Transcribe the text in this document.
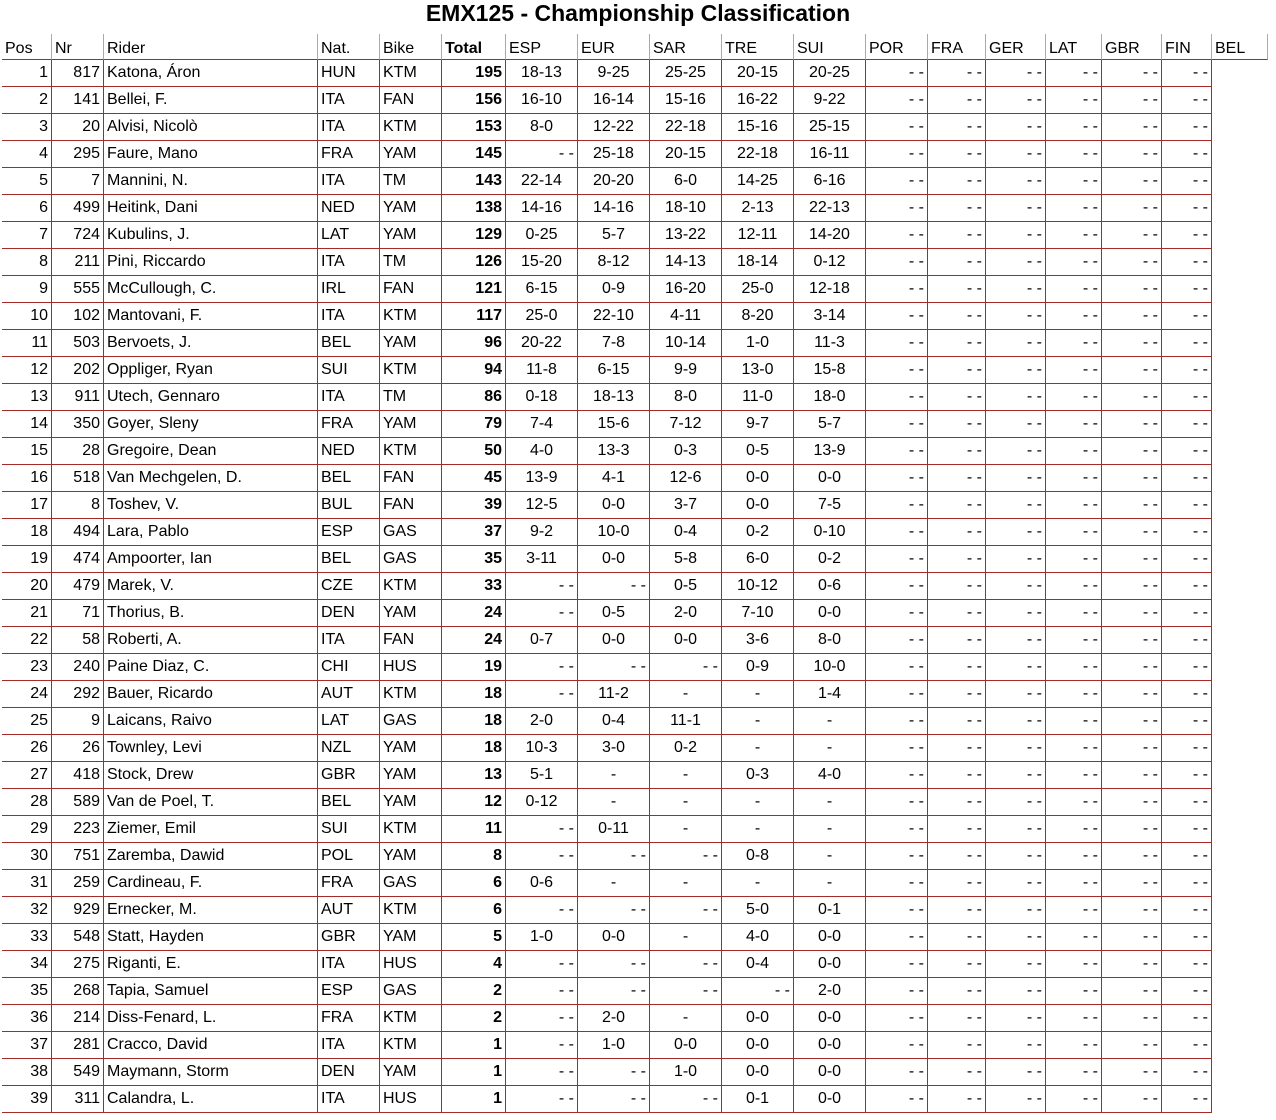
EMX125 - Championship Classification
Pos	Nr	Rider	Nat.	Bike	Total	ESP	EUR	SAR	TRE	SUI	POR	FRA	GER	LAT	GBR	FIN	BEL
1	817	Katona, Áron	HUN	KTM	195	18-13	9-25	25-25	20-15	20-25	- -	- -	- -	- -	- -	- -	
2	141	Bellei, F.	ITA	FAN	156	16-10	16-14	15-16	16-22	9-22	- -	- -	- -	- -	- -	- -	
3	20	Alvisi, Nicolò	ITA	KTM	153	8-0	12-22	22-18	15-16	25-15	- -	- -	- -	- -	- -	- -	
4	295	Faure, Mano	FRA	YAM	145	- -	25-18	20-15	22-18	16-11	- -	- -	- -	- -	- -	- -	
5	7	Mannini, N.	ITA	TM	143	22-14	20-20	6-0	14-25	6-16	- -	- -	- -	- -	- -	- -	
6	499	Heitink, Dani	NED	YAM	138	14-16	14-16	18-10	2-13	22-13	- -	- -	- -	- -	- -	- -	
7	724	Kubulins, J.	LAT	YAM	129	0-25	5-7	13-22	12-11	14-20	- -	- -	- -	- -	- -	- -	
8	211	Pini, Riccardo	ITA	TM	126	15-20	8-12	14-13	18-14	0-12	- -	- -	- -	- -	- -	- -	
9	555	McCullough, C.	IRL	FAN	121	6-15	0-9	16-20	25-0	12-18	- -	- -	- -	- -	- -	- -	
10	102	Mantovani, F.	ITA	KTM	117	25-0	22-10	4-11	8-20	3-14	- -	- -	- -	- -	- -	- -	
11	503	Bervoets, J.	BEL	YAM	96	20-22	7-8	10-14	1-0	11-3	- -	- -	- -	- -	- -	- -	
12	202	Oppliger, Ryan	SUI	KTM	94	11-8	6-15	9-9	13-0	15-8	- -	- -	- -	- -	- -	- -	
13	911	Utech, Gennaro	ITA	TM	86	0-18	18-13	8-0	11-0	18-0	- -	- -	- -	- -	- -	- -	
14	350	Goyer, Sleny	FRA	YAM	79	7-4	15-6	7-12	9-7	5-7	- -	- -	- -	- -	- -	- -	
15	28	Gregoire, Dean	NED	KTM	50	4-0	13-3	0-3	0-5	13-9	- -	- -	- -	- -	- -	- -	
16	518	Van Mechgelen, D.	BEL	FAN	45	13-9	4-1	12-6	0-0	0-0	- -	- -	- -	- -	- -	- -	
17	8	Toshev, V.	BUL	FAN	39	12-5	0-0	3-7	0-0	7-5	- -	- -	- -	- -	- -	- -	
18	494	Lara, Pablo	ESP	GAS	37	9-2	10-0	0-4	0-2	0-10	- -	- -	- -	- -	- -	- -	
19	474	Ampoorter, Ian	BEL	GAS	35	3-11	0-0	5-8	6-0	0-2	- -	- -	- -	- -	- -	- -	
20	479	Marek, V.	CZE	KTM	33	- -	- -	0-5	10-12	0-6	- -	- -	- -	- -	- -	- -	
21	71	Thorius, B.	DEN	YAM	24	- -	0-5	2-0	7-10	0-0	- -	- -	- -	- -	- -	- -	
22	58	Roberti, A.	ITA	FAN	24	0-7	0-0	0-0	3-6	8-0	- -	- -	- -	- -	- -	- -	
23	240	Paine Diaz, C.	CHI	HUS	19	- -	- -	- -	0-9	10-0	- -	- -	- -	- -	- -	- -	
24	292	Bauer, Ricardo	AUT	KTM	18	- -	11-2	-	-	1-4	- -	- -	- -	- -	- -	- -	
25	9	Laicans, Raivo	LAT	GAS	18	2-0	0-4	11-1	-	-	- -	- -	- -	- -	- -	- -	
26	26	Townley, Levi	NZL	YAM	18	10-3	3-0	0-2	-	-	- -	- -	- -	- -	- -	- -	
27	418	Stock, Drew	GBR	YAM	13	5-1	-	-	0-3	4-0	- -	- -	- -	- -	- -	- -	
28	589	Van de Poel, T.	BEL	YAM	12	0-12	-	-	-	-	- -	- -	- -	- -	- -	- -	
29	223	Ziemer, Emil	SUI	KTM	11	- -	0-11	-	-	-	- -	- -	- -	- -	- -	- -	
30	751	Zaremba, Dawid	POL	YAM	8	- -	- -	- -	0-8	-	- -	- -	- -	- -	- -	- -	
31	259	Cardineau, F.	FRA	GAS	6	0-6	-	-	-	-	- -	- -	- -	- -	- -	- -	
32	929	Ernecker, M.	AUT	KTM	6	- -	- -	- -	5-0	0-1	- -	- -	- -	- -	- -	- -	
33	548	Statt, Hayden	GBR	YAM	5	1-0	0-0	-	4-0	0-0	- -	- -	- -	- -	- -	- -	
34	275	Riganti, E.	ITA	HUS	4	- -	- -	- -	0-4	0-0	- -	- -	- -	- -	- -	- -	
35	268	Tapia, Samuel	ESP	GAS	2	- -	- -	- -	- -	2-0	- -	- -	- -	- -	- -	- -	
36	214	Diss-Fenard, L.	FRA	KTM	2	- -	2-0	-	0-0	0-0	- -	- -	- -	- -	- -	- -	
37	281	Cracco, David	ITA	KTM	1	- -	1-0	0-0	0-0	0-0	- -	- -	- -	- -	- -	- -	
38	549	Maymann, Storm	DEN	YAM	1	- -	- -	1-0	0-0	0-0	- -	- -	- -	- -	- -	- -	
39	311	Calandra, L.	ITA	HUS	1	- -	- -	- -	0-1	0-0	- -	- -	- -	- -	- -	- -	
